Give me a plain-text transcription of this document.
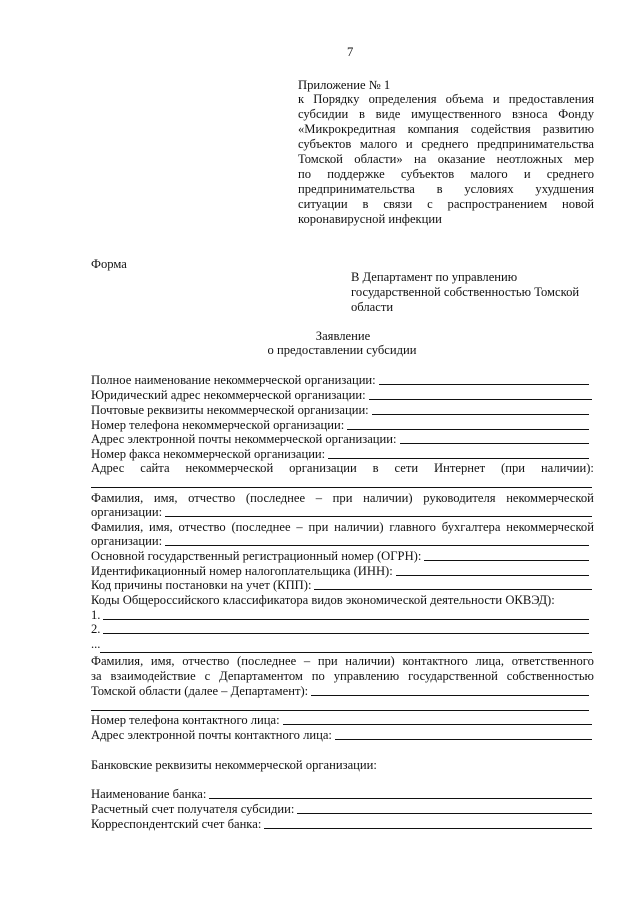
7
Приложение № 1
к Порядку определения объема и предоставления
субсидии в виде имущественного взноса Фонду
«Микрокредитная компания содействия развитию
субъектов малого и среднего предпринимательства
Томской области» на оказание неотложных мер
по поддержке субъектов малого и среднего
предпринимательства в условиях ухудшения
ситуации в связи с распространением новой
коронавирусной инфекции
Форма
В Департамент по управлению
государственной собственностью Томской
области
Заявление
о предоставлении субсидии
Полное наименование некоммерческой организации:
Юридический адрес некоммерческой организации:
Почтовые реквизиты некоммерческой организации:
Номер телефона некоммерческой организации:
Адрес электронной почты некоммерческой организации:
Номер факса некоммерческой организации:
Адрес сайта некоммерческой организации в сети Интернет (при наличии):
Фамилия, имя, отчество (последнее – при наличии) руководителя некоммерческой
организации:
Фамилия, имя, отчество (последнее – при наличии) главного бухгалтера некоммерческой
организации:
Основной государственный регистрационный номер (ОГРН):
Идентификационный номер налогоплательщика (ИНН):
Код причины постановки на учет (КПП):
Коды Общероссийского классификатора видов экономической деятельности ОКВЭД):
1.
2.
...
Фамилия, имя, отчество (последнее – при наличии) контактного лица, ответственного
за взаимодействие с Департаментом по управлению государственной собственностью
Томской области (далее – Департамент):
Номер телефона контактного лица:
Адрес электронной почты контактного лица:
Банковские реквизиты некоммерческой организации:
Наименование банка:
Расчетный счет получателя субсидии:
Корреспондентский счет банка:
